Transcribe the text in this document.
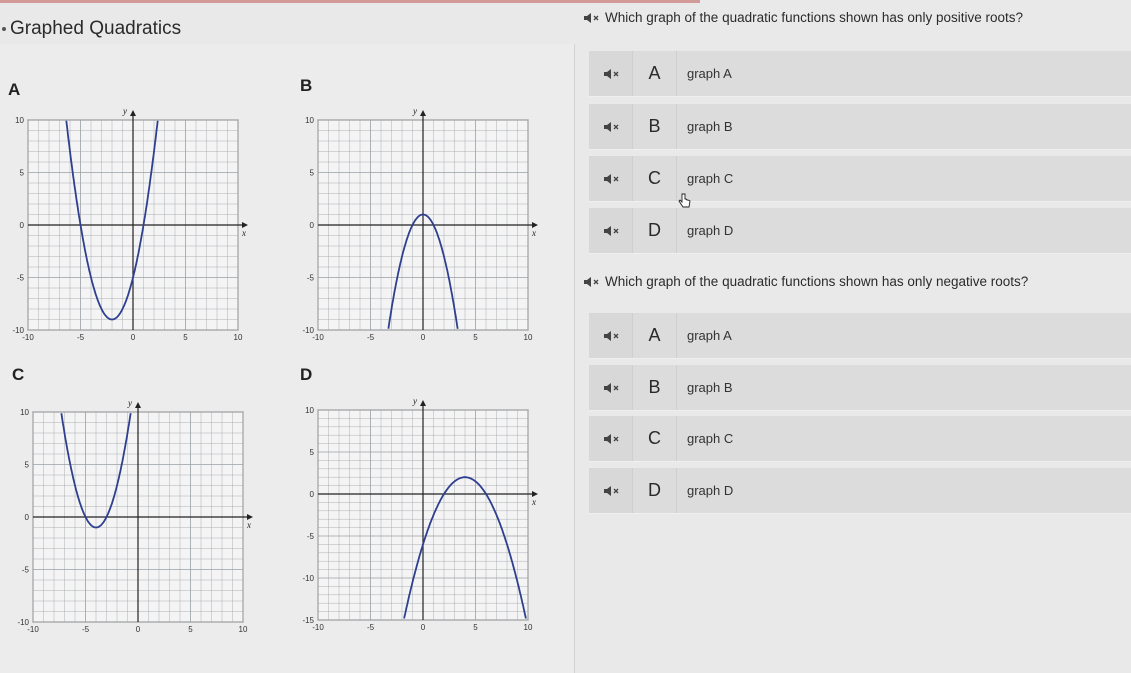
Graphed Quadratics
A	B
C	D
y
x
-10	-5	0	5	10
10
5
0
-5
-10
y
x
-10	-5	0	5	10
10
5
0
-5
-10
y
x
-10	-5	0	5	10
10
5
0
-5
-10
y
x
-10	-5	0	5	10
10
5
0
-5
-10
-15
Which graph of the quadratic functions shown has only positive roots?
A	graph A
B	graph B
C	graph C
D	graph D
Which graph of the quadratic functions shown has only negative roots?
A	graph A
B	graph B
C	graph C
D	graph D
